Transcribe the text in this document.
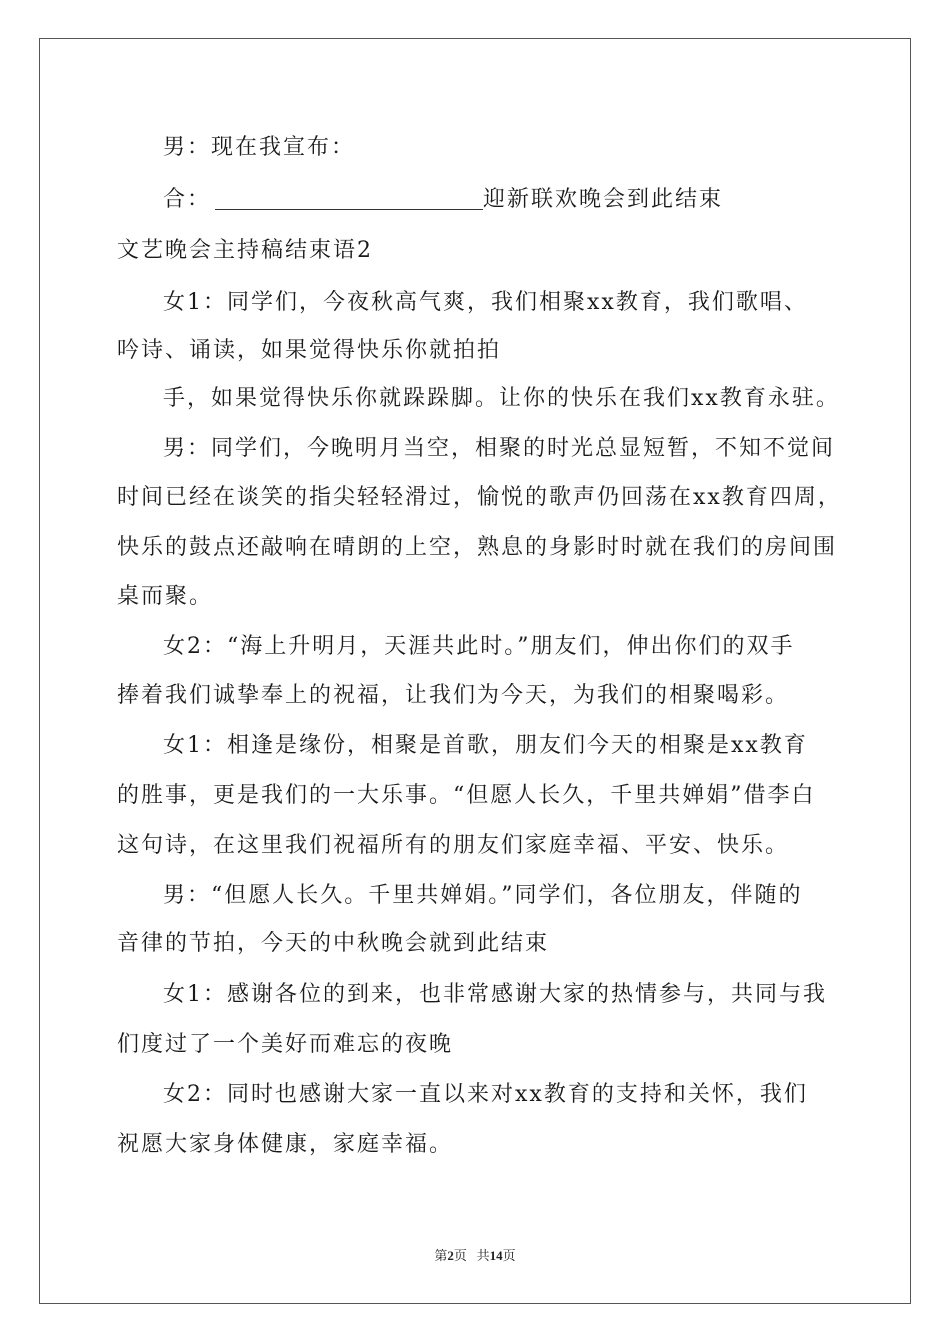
男：现在我宣布：
合：	迎新联欢晚会到此结束
文艺晚会主持稿结束语2
女1：同学们，今夜秋高气爽，我们相聚xx教育，我们歌唱、
吟诗、诵读，如果觉得快乐你就拍拍
手，如果觉得快乐你就跺跺脚。让你的快乐在我们xx教育永驻。
男：同学们，今晚明月当空，相聚的时光总显短暂，不知不觉间
时间已经在谈笑的指尖轻轻滑过，愉悦的歌声仍回荡在xx教育四周，
快乐的鼓点还敲响在晴朗的上空，熟息的身影时时就在我们的房间围
桌而聚。
女2：“海上升明月，天涯共此时。”朋友们，伸出你们的双手
捧着我们诚挚奉上的祝福，让我们为今天，为我们的相聚喝彩。
女1：相逢是缘份，相聚是首歌，朋友们今天的相聚是xx教育
的胜事，更是我们的一大乐事。“但愿人长久，千里共婵娟”借李白
这句诗，在这里我们祝福所有的朋友们家庭幸福、平安、快乐。
男：“但愿人长久。千里共婵娟。”同学们，各位朋友，伴随的
音律的节拍，今天的中秋晚会就到此结束
女1：感谢各位的到来，也非常感谢大家的热情参与，共同与我
们度过了一个美好而难忘的夜晚
女2：同时也感谢大家一直以来对xx教育的支持和关怀，我们
祝愿大家身体健康，家庭幸福。
第2页 共14页
